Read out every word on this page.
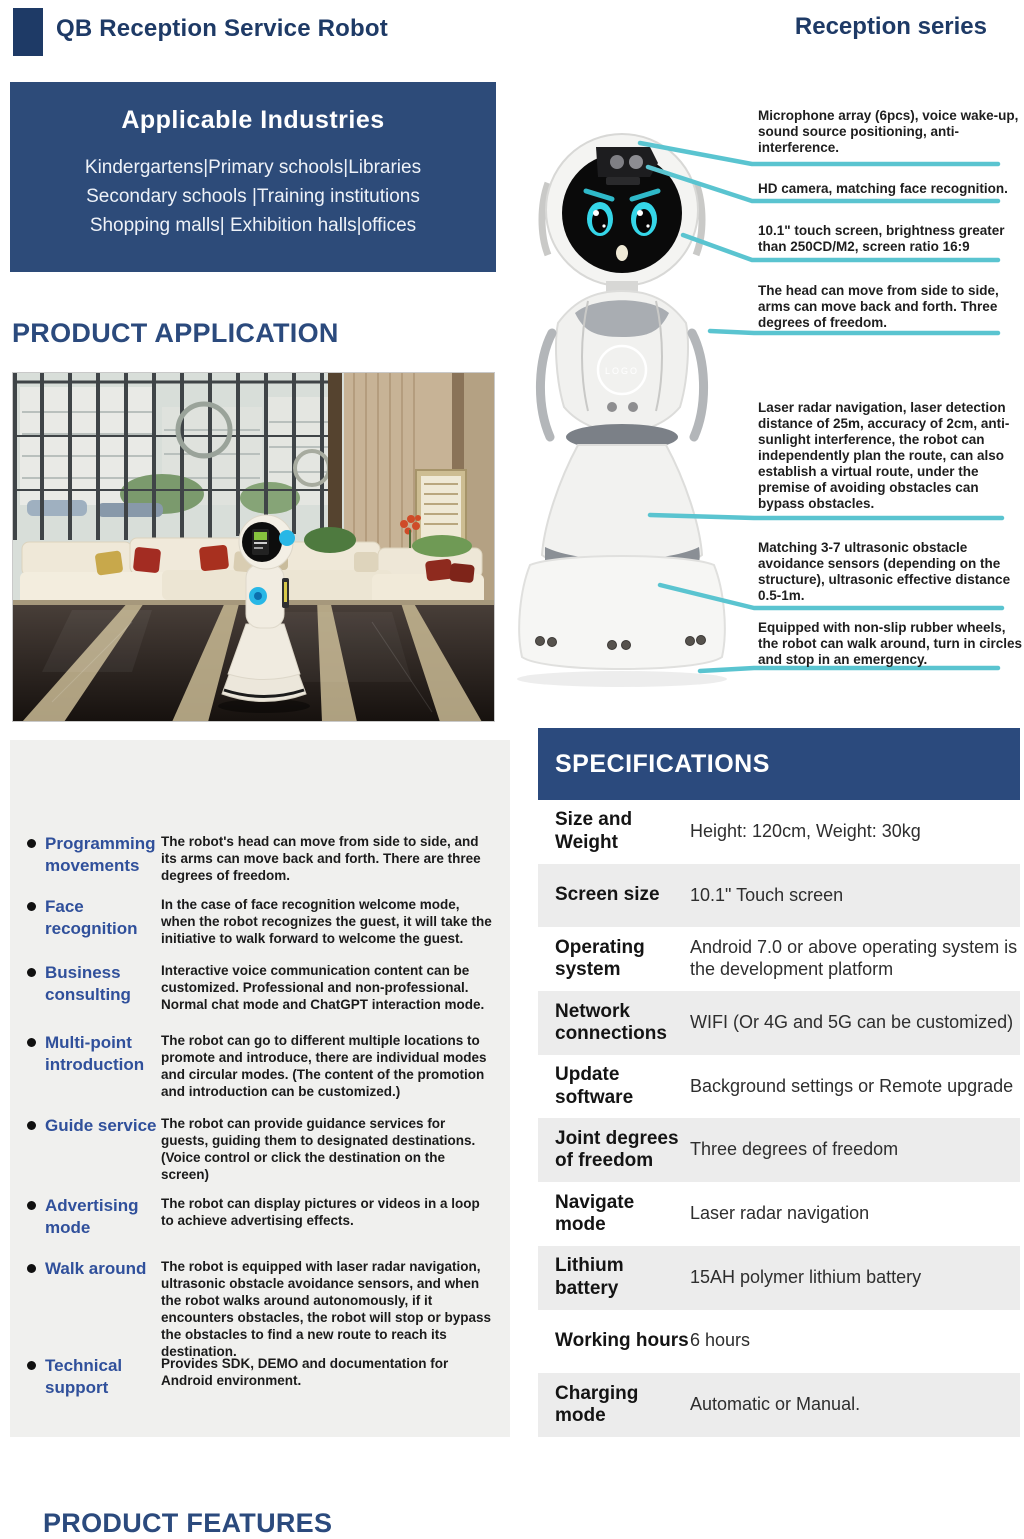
QB Reception Service Robot	Reception series
Applicable Industries
Kindergartens|Primary schools|Libraries
Secondary schools |Training institutions
Shopping malls| Exhibition halls|offices
PRODUCT APPLICATION
LOGO
Microphone array (6pcs), voice wake-up, sound source positioning, anti-interference.
HD camera, matching face recognition.
10.1" touch screen, brightness greater than 250CD/M2, screen ratio 16:9
The head can move from side to side, arms can move back and forth. Three degrees of freedom.
Laser radar navigation, laser detection distance of 25m, accuracy of 2cm, anti-sunlight interference, the robot can independently plan the route, can also establish a virtual route, under the premise of avoiding obstacles can bypass obstacles.
Matching 3-7 ultrasonic obstacle avoidance sensors (depending on the structure), ultrasonic effective distance 0.5-1m.
Equipped with non-slip rubber wheels, the robot can walk around, turn in circles and stop in an emergency.
PRODUCT FEATURES
Programming movements
The robot's head can move from side to side, and its arms can move back and forth. There are three degrees of freedom.
Face recognition
In the case of face recognition welcome mode, when the robot recognizes the guest, it will take the initiative to walk forward to welcome the guest.
Business consulting
Interactive voice communication content can be customized. Professional and non-professional. Normal chat mode and ChatGPT interaction mode.
Multi-point introduction
The robot can go to different multiple locations to promote and introduce, there are individual modes and circular modes. (The content of the promotion and introduction can be customized.)
Guide service The robot can provide guidance services for guests, guiding them to designated destinations.(Voice control or click the destination on the screen)
Advertising mode
The robot can display pictures or videos in a loop to achieve advertising effects.
Walk around The robot is equipped with laser radar navigation, ultrasonic obstacle avoidance sensors, and when the robot walks around autonomously, if it encounters obstacles, the robot will stop or bypass the obstacles to find a new route to reach its destination.
Technical support
Provides SDK, DEMO and documentation for Android environment.
SPECIFICATIONS
Size and Weight
Height: 120cm, Weight: 30kg
Screen size	10.1" Touch screen
Operating system
Android 7.0 or above operating system is the development platform
Network connections
WIFI (Or 4G and 5G can be customized)
Update software
Background settings or Remote upgrade
Joint degrees of freedom
Three degrees of freedom
Navigate mode
Laser radar navigation
Lithium battery
15AH polymer lithium battery
Working hours 6 hours
Charging mode
Automatic or Manual.
